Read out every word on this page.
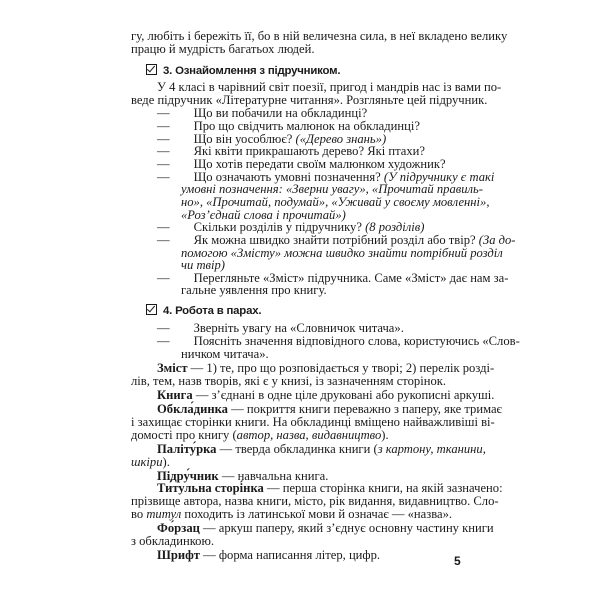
гу, любіть і бережіть її, бо в ній величезна сила, в неї вкладено велику
працю й мудрість багатьох людей.
3. Ознайомлення з підручником.
У 4 класі в чарівний світ поезії, пригод і мандрів нас із вами по-
веде підручник «Літературне читання». Розгляньте цей підручник.
— Що ви побачили на обкладинці?
— Про що свідчить малюнок на обкладинці?
— Що він уособлює? («Дерево знань»)
— Які квіти прикрашають дерево? Які птахи?
— Що хотів передати своїм малюнком художник?
— Що означають умовні позначення? (У підручнику є такі
умовні позначення: «Зверни увагу», «Прочитай правиль-
но», «Прочитай, подумай», «Уживай у своєму мовленні»,
«Роз’єднай слова і прочитай»)
— Скільки розділів у підручнику? (8 розділів)
— Як можна швидко знайти потрібний розділ або твір? (За до-
помогою «Змісту» можна швидко знайти потрібний розділ
чи твір)
— Перегляньте «Зміст» підручника. Саме «Зміст» дає нам за-
гальне уявлення про книгу.
4. Робота в парах.
— Зверніть увагу на «Словничок читача».
— Поясніть значення відповідного слова, користуючись «Слов-
ничком читача».
Зміст — 1) те, про що розповідається у творі; 2) перелік розді-
лів, тем, назв творів, які є у книзі, із зазначенням сторінок.
Книга — з’єднані в одне ціле друковані або рукописні аркуші.
Обкла́динка — покриття книги переважно з паперу, яке тримає
і захищає сторінки книги. На обкладинці вміщено найважливіші ві-
домості про книгу (автор, назва, видавництво).
Паліту́рка — тверда обкладинка книги (з картону, тканини,
шкіри).
Підру́чник — навчальна книга.
Ти́тульна сторі́нка — перша сторінка книги, на якій зазначено:
прізвище автора, назва книги, місто, рік видання, видавництво. Сло-
во титул походить із латинської мови й означає — «назва».
Фо́рзац — аркуш паперу, який з’єднує основну частину книги
з обкладинкою.
Шрифт — форма написання літер, цифр.	5
